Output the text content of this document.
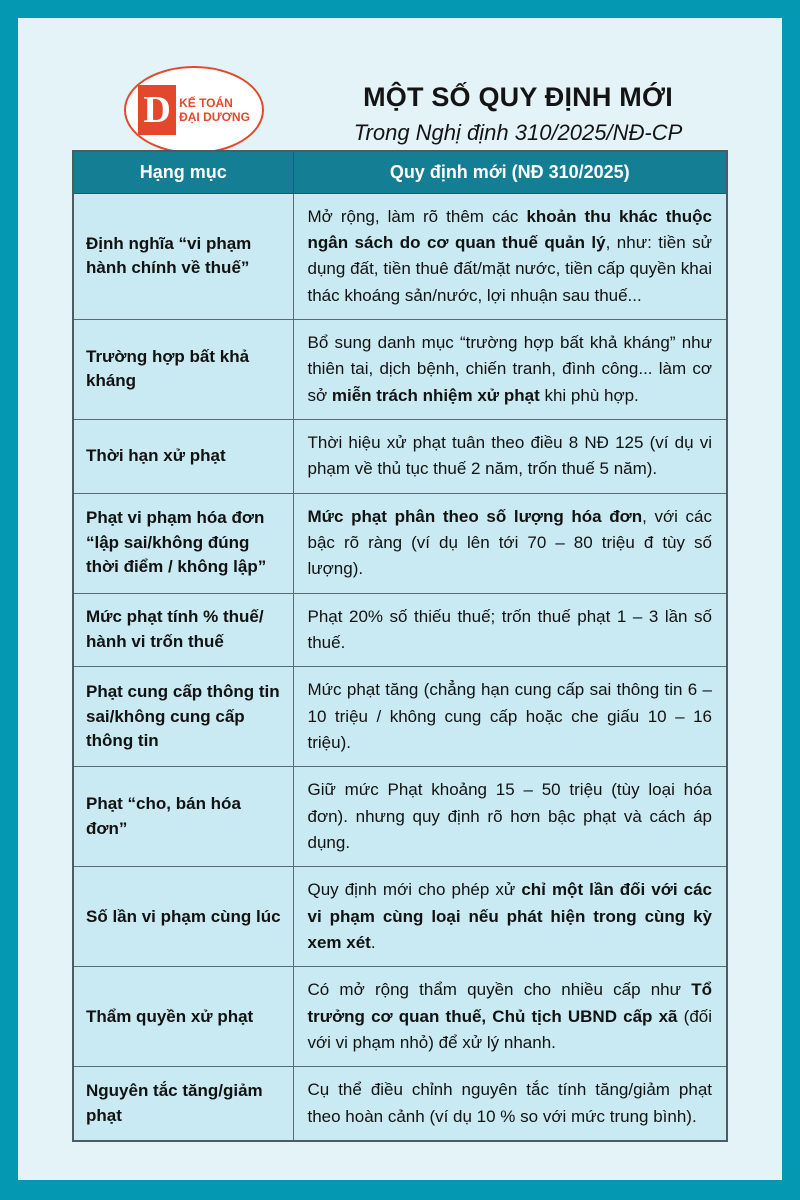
D KẾ TOÁN
ĐẠI DƯƠNG
MỘT SỐ QUY ĐỊNH MỚI
Trong Nghị định 310/2025/NĐ-CP
Hạng mục	Quy định mới (NĐ 310/2025)
Định nghĩa “vi phạm hành chính về thuế”	Mở rộng, làm rõ thêm các khoản thu khác thuộc ngân sách do cơ quan thuế quản lý, như: tiền sử dụng đất, tiền thuê đất/mặt nước, tiền cấp quyền khai thác khoáng sản/nước, lợi nhuận sau thuế...
Trường hợp bất khả kháng	Bổ sung danh mục “trường hợp bất khả kháng” như thiên tai, dịch bệnh, chiến tranh, đình công... làm cơ sở miễn trách nhiệm xử phạt khi phù hợp.
Thời hạn xử phạt	Thời hiệu xử phạt tuân theo điều 8 NĐ 125 (ví dụ vi phạm về thủ tục thuế 2 năm, trốn thuế 5 năm).
Phạt vi phạm hóa đơn “lập sai/không đúng thời điểm / không lập”	Mức phạt phân theo số lượng hóa đơn, với các bậc rõ ràng (ví dụ lên tới 70 – 80 triệu đ tùy số lượng).
Mức phạt tính % thuế/ hành vi trốn thuế	Phạt 20% số thiếu thuế; trốn thuế phạt 1 – 3 lần số thuế.
Phạt cung cấp thông tin sai/không cung cấp thông tin	Mức phạt tăng (chẳng hạn cung cấp sai thông tin 6 – 10 triệu / không cung cấp hoặc che giấu 10 – 16 triệu).
Phạt “cho, bán hóa đơn”	Giữ mức Phạt khoảng 15 – 50 triệu (tùy loại hóa đơn). nhưng quy định rõ hơn bậc phạt và cách áp dụng.
Số lần vi phạm cùng lúc	Quy định mới cho phép xử chỉ một lần đối với các vi phạm cùng loại nếu phát hiện trong cùng kỳ xem xét.
Thẩm quyền xử phạt	Có mở rộng thẩm quyền cho nhiều cấp như Tổ trưởng cơ quan thuế, Chủ tịch UBND cấp xã (đối với vi phạm nhỏ) để xử lý nhanh.
Nguyên tắc tăng/giảm phạt	Cụ thể điều chỉnh nguyên tắc tính tăng/giảm phạt theo hoàn cảnh (ví dụ 10 % so với mức trung bình).
